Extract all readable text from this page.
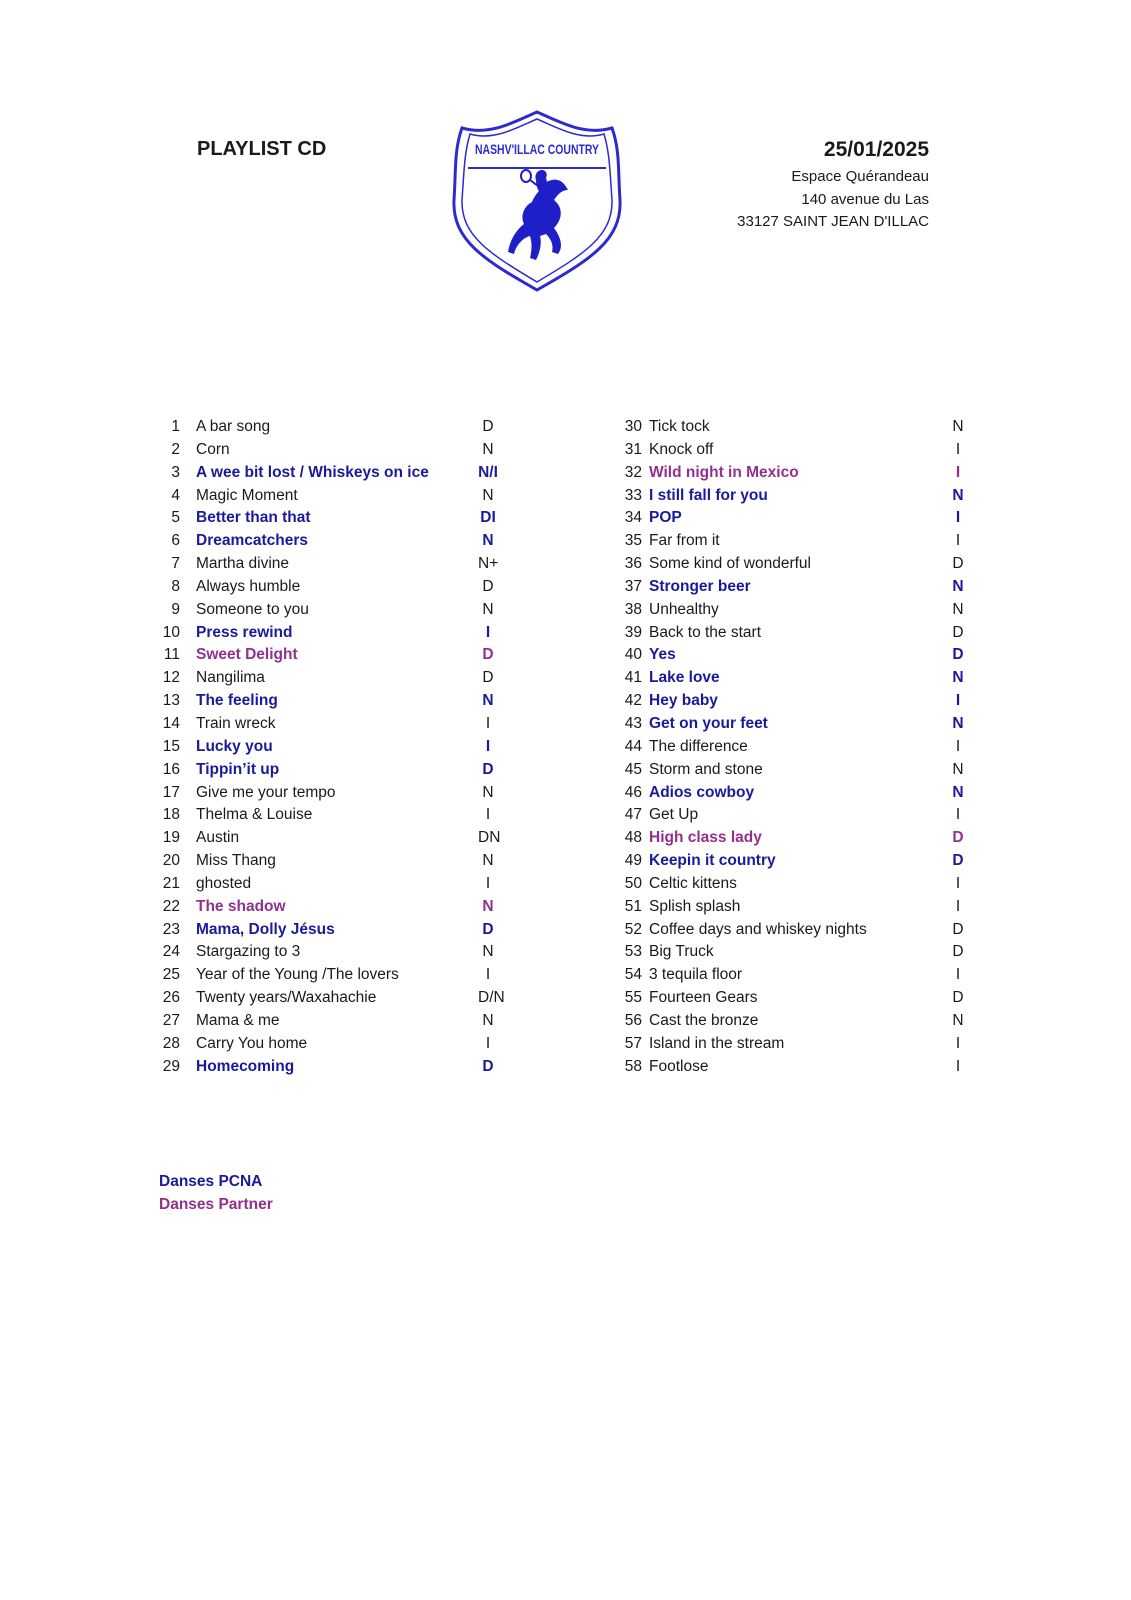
PLAYLIST CD	NASHV'ILLAC COUNTRY	25/01/2025
Espace Quérandeau
140 avenue du Las
33127 SAINT JEAN D'ILLAC
1 A bar song	D
2 Corn	N
3 A wee bit lost / Whiskeys on ice	N/I
4 Magic Moment	N
5 Better than that	DI
6 Dreamcatchers	N
7 Martha divine	N+
8 Always humble	D
9 Someone to you	N
10 Press rewind	I
11 Sweet Delight	D
12 Nangilima	D
13 The feeling	N
14 Train wreck	I
15 Lucky you	I
16 Tippin’it up	D
17 Give me your tempo	N
18 Thelma & Louise	I
19 Austin	DN
20 Miss Thang	N
21 ghosted	I
22 The shadow	N
23 Mama, Dolly Jésus	D
24 Stargazing to 3	N
25 Year of the Young /The lovers	I
26 Twenty years/Waxahachie	D/N
27 Mama & me	N
28 Carry You home	I
29 Homecoming	D
30 Tick tock	N
31 Knock off	I
32 Wild night in Mexico	I
33 I still fall for you	N
34 POP	I
35 Far from it	I
36 Some kind of wonderful	D
37 Stronger beer	N
38 Unhealthy	N
39 Back to the start	D
40 Yes	D
41 Lake love	N
42 Hey baby	I
43 Get on your feet	N
44 The difference	I
45 Storm and stone	N
46 Adios cowboy	N
47 Get Up	I
48 High class lady	D
49 Keepin it country	D
50 Celtic kittens	I
51 Splish splash	I
52 Coffee days and whiskey nights	D
53 Big Truck	D
54 3 tequila floor	I
55 Fourteen Gears	D
56 Cast the bronze	N
57 Island in the stream	I
58 Footlose	I
Danses PCNA
Danses Partner
